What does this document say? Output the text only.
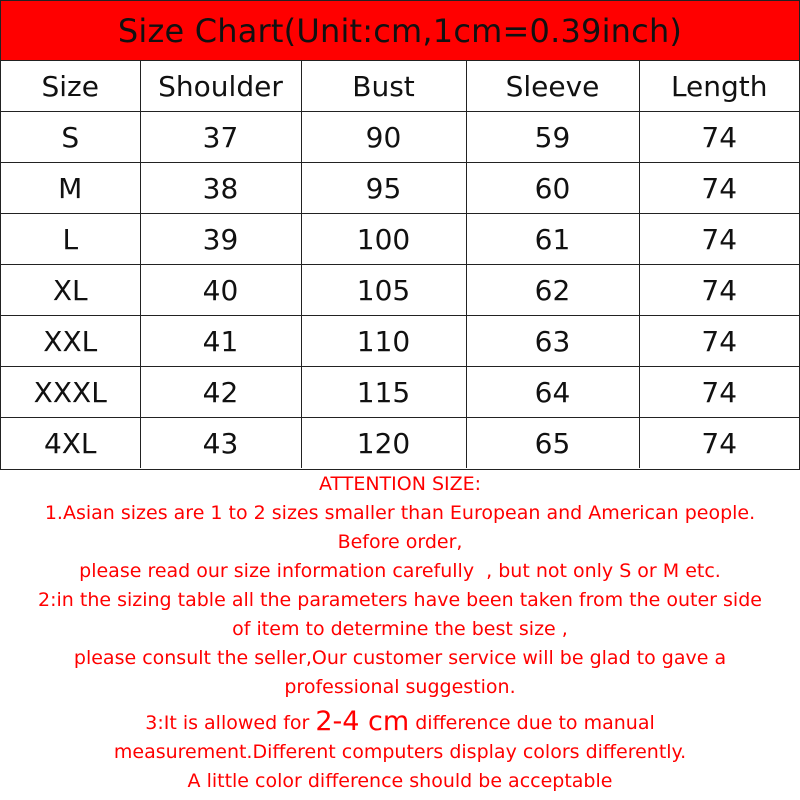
Size Chart(Unit:cm,1cm=0.39inch)
Size	Shoulder	Bust	Sleeve	Length
S	37	90	59	74
M	38	95	60	74
L	39	100	61	74
XL	40	105	62	74
XXL	41	110	63	74
XXXL	42	115	64	74
4XL	43	120	65	74
ATTENTION SIZE:
1.Asian sizes are 1 to 2 sizes smaller than European and American people.
Before order,
please read our size information carefully  , but not only S or M etc.
2:in the sizing table all the parameters have been taken from the outer side
of item to determine the best size ,
please consult the seller,Our customer service will be glad to gave a
professional suggestion.
3:It is allowed for 2-4 cm difference due to manual
measurement.Different computers display colors differently.
A little color difference should be acceptable
